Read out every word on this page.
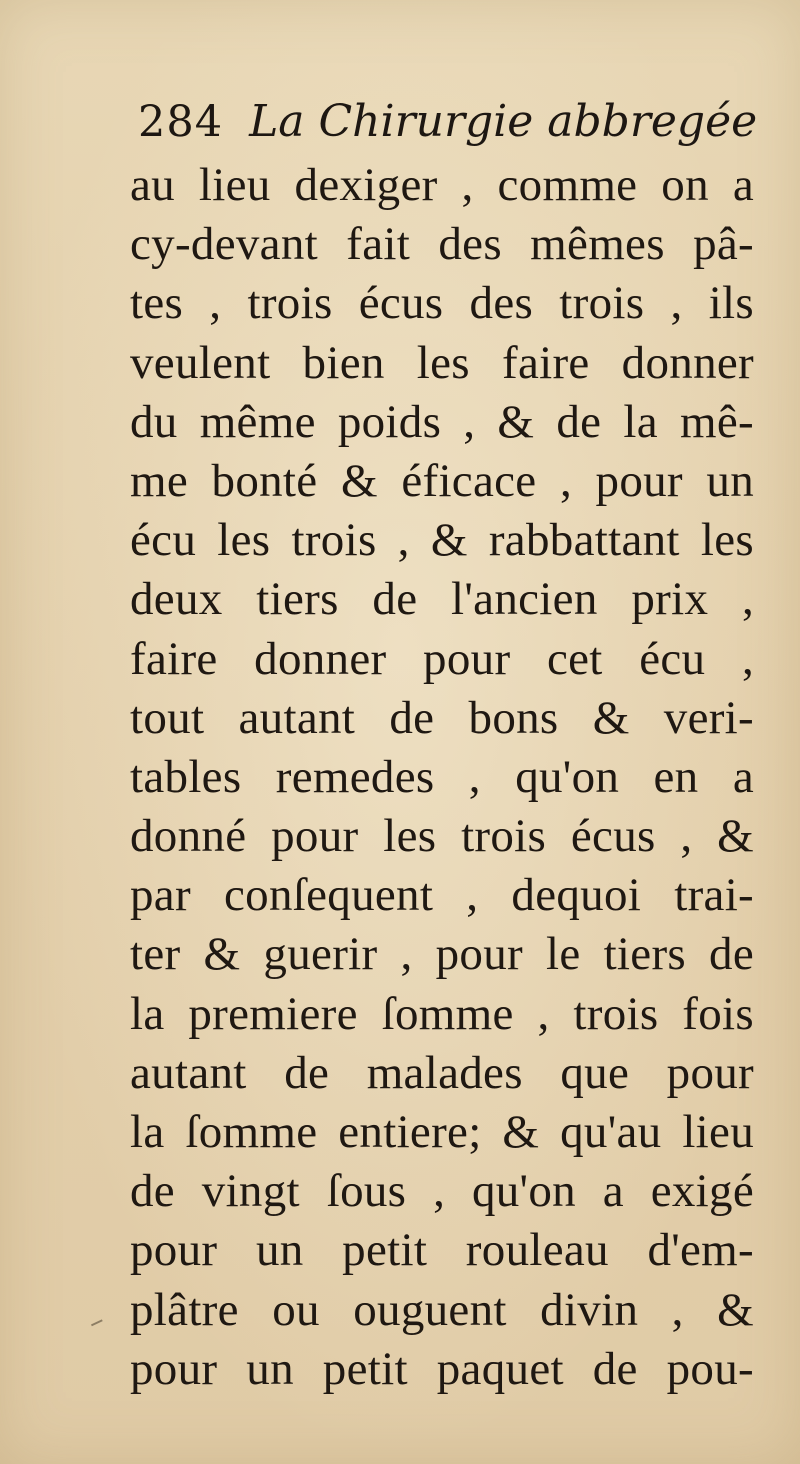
284 La Chirurgie abbregée
au lieu dexiger , comme on a
cy-devant fait des mêmes pâ-
tes , trois écus des trois , ils
veulent bien les faire donner
du même poids , & de la mê-
me bonté & éficace , pour un
écu les trois , & rabbattant les
deux tiers de l'ancien prix ,
faire donner pour cet écu ,
tout autant de bons & veri-
tables remedes , qu'on en a
donné pour les trois écus , &
par conſequent , dequoi trai-
ter & guerir , pour le tiers de
la premiere ſomme , trois fois
autant de malades que pour
la ſomme entiere; & qu'au lieu
de vingt ſous , qu'on a exigé
pour un petit rouleau d'em-
plâtre ou ouguent divin , &
pour un petit paquet de pou-
